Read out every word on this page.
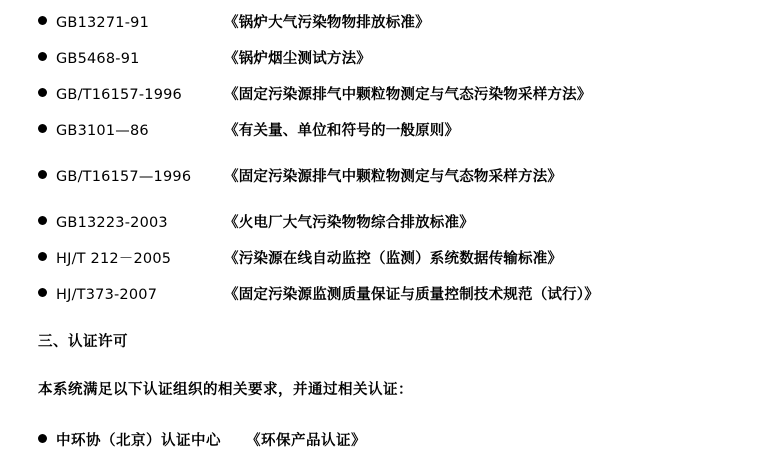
GB13271-91	《锅炉大气污染物物排放标准》
GB5468-91	《锅炉烟尘测试方法》
GB/T16157-1996	《固定污染源排气中颗粒物测定与气态污染物采样方法》
GB3101—86	《有关量、单位和符号的一般原则》
GB/T16157—1996	《固定污染源排气中颗粒物测定与气态物采样方法》
GB13223-2003	《火电厂大气污染物物综合排放标准》
HJ/T 212－2005	《污染源在线自动监控（监测）系统数据传输标准》
HJ/T373-2007	《固定污染源监测质量保证与质量控制技术规范（试行）》
三、认证许可
本系统满足以下认证组织的相关要求，并通过相关认证：
中环协（北京）认证中心	《环保产品认证》
